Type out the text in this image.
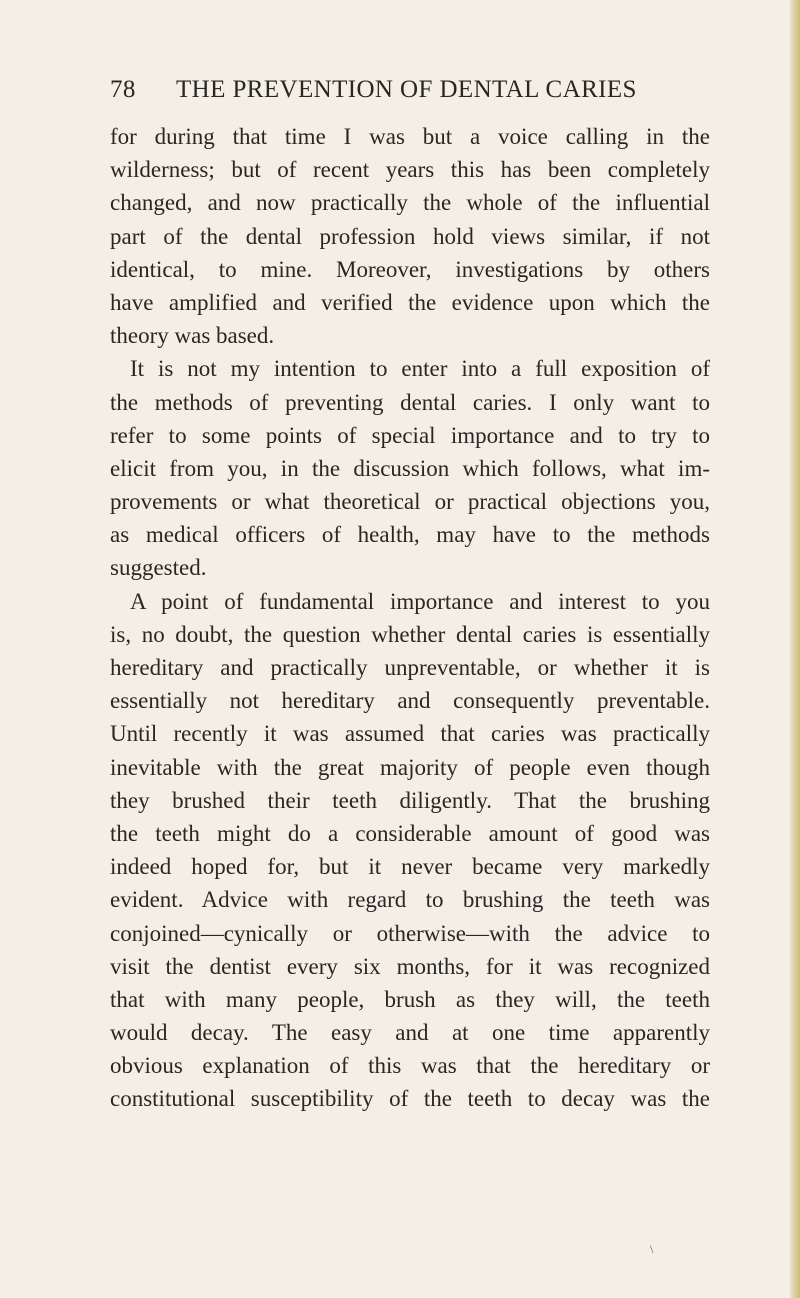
78 THE PREVENTION OF DENTAL CARIES
for during that time I was but a voice calling in the
wilderness; but of recent years this has been completely
changed, and now practically the whole of the influential
part of the dental profession hold views similar, if not
identical, to mine. Moreover, investigations by others
have amplified and verified the evidence upon which the
theory was based.
It is not my intention to enter into a full exposition of
the methods of preventing dental caries. I only want to
refer to some points of special importance and to try to
elicit from you, in the discussion which follows, what im-
provements or what theoretical or practical objections you,
as medical officers of health, may have to the methods
suggested.
A point of fundamental importance and interest to you
is, no doubt, the question whether dental caries is essentially
hereditary and practically unpreventable, or whether it is
essentially not hereditary and consequently preventable.
Until recently it was assumed that caries was practically
inevitable with the great majority of people even though
they brushed their teeth diligently. That the brushing
the teeth might do a considerable amount of good was
indeed hoped for, but it never became very markedly
evident. Advice with regard to brushing the teeth was
conjoined—cynically or otherwise—with the advice to
visit the dentist every six months, for it was recognized
that with many people, brush as they will, the teeth
would decay. The easy and at one time apparently
obvious explanation of this was that the hereditary or
constitutional susceptibility of the teeth to decay was the
\
